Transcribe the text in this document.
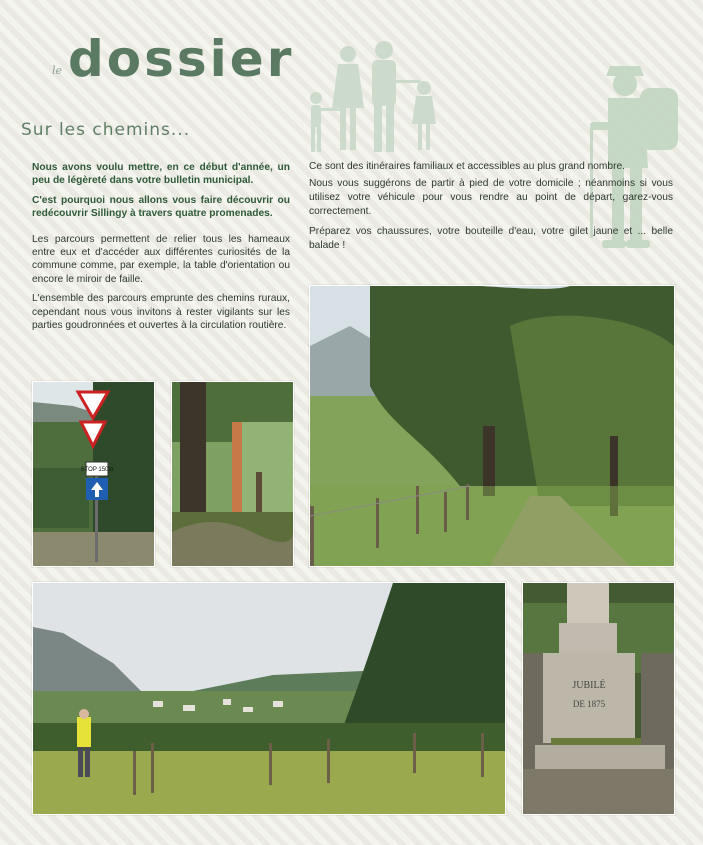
le dossier
Sur les chemins...

Nous avons voulu mettre, en ce début d'année, un peu de légèreté dans votre bulletin municipal.

C'est pourquoi nous allons vous faire découvrir ou redécouvrir Sillingy à travers quatre promenades.

Les parcours permettent de relier tous les hameaux entre eux et d'accéder aux différentes curiosités de la commune comme, par exemple, la table d'orientation ou encore le miroir de faille.

L'ensemble des parcours emprunte des chemins ruraux, cependant nous vous invitons à rester vigilants sur les parties goudronnées et ouvertes à la circulation routière.

Ce sont des itinéraires familiaux et accessibles au plus grand nombre.

Nous vous suggérons de partir à pied de votre domicile ; néanmoins si vous utilisez votre véhicule pour vous rendre au point de départ, garez-vous correctement.

Préparez vos chaussures, votre bouteille d'eau, votre gilet jaune et ... belle balade !

STOP 150m
JUBILÉ
DE 1875
